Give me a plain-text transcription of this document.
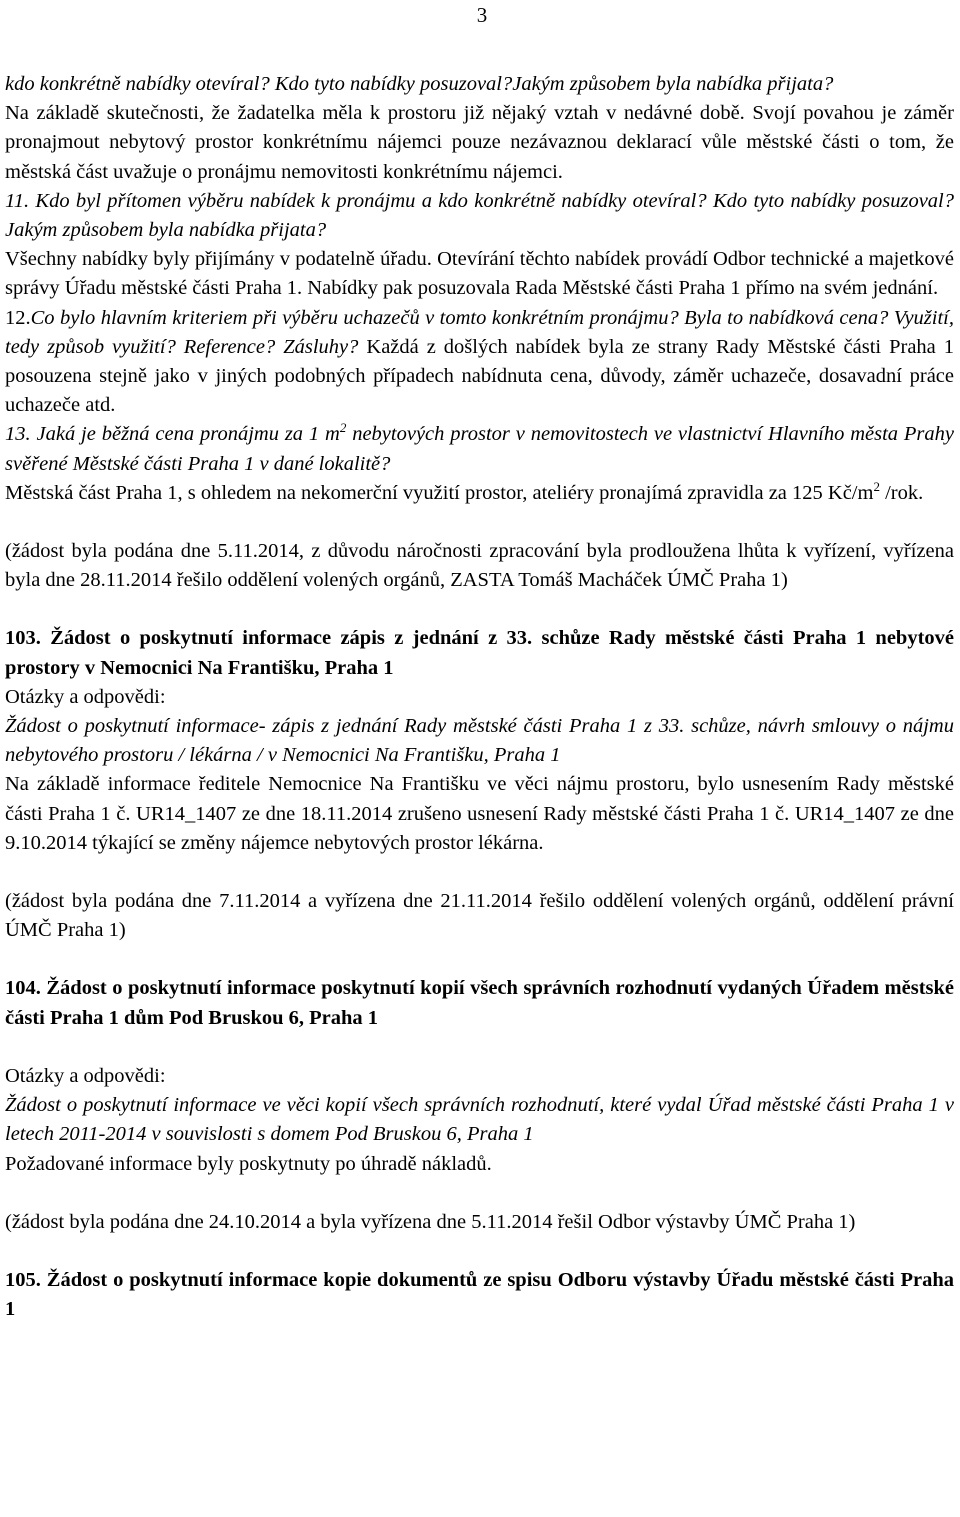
3

kdo konkrétně nabídky otevíral? Kdo tyto nabídky posuzoval?Jakým způsobem byla nabídka přijata?

Na základě skutečnosti, že žadatelka měla k prostoru již nějaký vztah v nedávné době. Svojí povahou je záměr pronajmout nebytový prostor konkrétnímu nájemci pouze nezávaznou deklarací vůle městské části o tom, že městská část uvažuje o pronájmu nemovitosti konkrétnímu nájemci.

11. Kdo byl přítomen výběru nabídek k pronájmu a kdo konkrétně nabídky otevíral? Kdo tyto nabídky posuzoval? Jakým způsobem byla nabídka přijata?

Všechny nabídky byly přijímány v podatelně úřadu. Otevírání těchto nabídek provádí Odbor technické a majetkové správy Úřadu městské části Praha 1. Nabídky pak posuzovala Rada Městské části Praha 1 přímo na svém jednání.

12.Co bylo hlavním kriteriem při výběru uchazečů v tomto konkrétním pronájmu? Byla to nabídková cena? Využití, tedy způsob využití? Reference? Zásluhy? Každá z došlých nabídek byla ze strany Rady Městské části Praha 1 posouzena stejně jako v jiných podobných případech nabídnuta cena, důvody, záměr uchazeče, dosavadní práce uchazeče atd.

13. Jaká je běžná cena pronájmu za 1 $m^2$ nebytových prostor v nemovitostech ve vlastnictví Hlavního města Prahy svěřené Městské části Praha 1 v dané lokalitě?

Městská část Praha 1, s ohledem na nekomerční využití prostor, ateliéry pronajímá zpravidla za 125 $Kč/m^2$ /rok.

(žádost byla podána dne 5.11.2014, z důvodu náročnosti zpracování byla prodloužena lhůta k vyřízení, vyřízena byla dne 28.11.2014 řešilo oddělení volených orgánů, ZASTA Tomáš Macháček ÚMČ Praha 1)

103. Žádost o poskytnutí informace zápis z jednání z 33. schůze Rady městské části Praha 1 nebytové prostory v Nemocnici Na Františku, Praha 1

Otázky a odpovědi:

Žádost o poskytnutí informace- zápis z jednání Rady městské části Praha 1 z 33. schůze, návrh smlouvy o nájmu nebytového prostoru / lékárna / v Nemocnici Na Františku, Praha 1

Na základě informace ředitele Nemocnice Na Františku ve věci nájmu prostoru, bylo usnesením Rady městské části Praha 1 č. UR14_1407 ze dne 18.11.2014 zrušeno usnesení Rady městské části Praha 1 č. UR14_1407 ze dne 9.10.2014 týkající se změny nájemce nebytových prostor lékárna.

(žádost byla podána dne 7.11.2014 a vyřízena dne 21.11.2014 řešilo oddělení volených orgánů, oddělení právní ÚMČ Praha 1)

104. Žádost o poskytnutí informace poskytnutí kopií všech správních rozhodnutí vydaných Úřadem městské části Praha 1 dům Pod Bruskou 6, Praha 1

Otázky a odpovědi:

Žádost o poskytnutí informace ve věci kopií všech správních rozhodnutí, které vydal Úřad městské části Praha 1 v letech 2011-2014 v souvislosti s domem Pod Bruskou 6, Praha 1

Požadované informace byly poskytnuty po úhradě nákladů.

(žádost byla podána dne 24.10.2014 a byla vyřízena dne 5.11.2014 řešil Odbor výstavby ÚMČ Praha 1)

105. Žádost o poskytnutí informace kopie dokumentů ze spisu Odboru výstavby Úřadu městské části Praha 1
